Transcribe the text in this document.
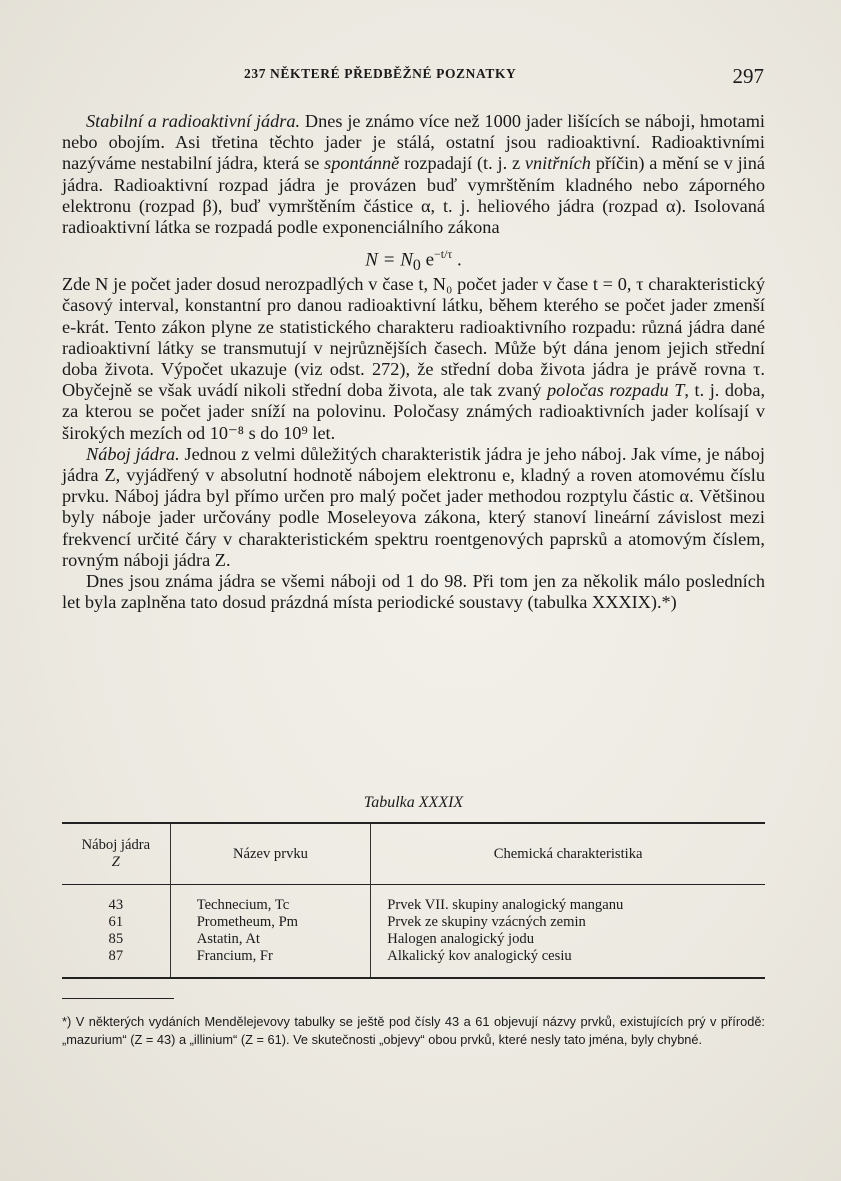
237 NĚKTERÉ PŘEDBĚŽNÉ POZNATKY	297

Stabilní a radioaktivní jádra. Dnes je známo více než 1000 jader lišících se náboji, hmotami nebo obojím. Asi třetina těchto jader je stálá, ostatní jsou radioaktivní. Radioaktivními nazýváme nestabilní jádra, která se spontánně rozpadají (t. j. z vnitřních příčin) a mění se v jiná jádra. Radioaktivní rozpad jádra je provázen buď vymrštěním kladného nebo záporného elektronu (rozpad β), buď vymrštěním částice α, t. j. heliového jádra (rozpad α). Isolovaná radioaktivní látka se rozpadá podle exponenciálního zákona

$N = N_0$ $e^{-t/\tau}$ .

Zde N je počet jader dosud nerozpadlých v čase t, N₀ počet jader v čase t = 0, τ charakteristický časový interval, konstantní pro danou radioaktivní látku, během kterého se počet jader zmenší e-krát. Tento zákon plyne ze statistického charakteru radioaktivního rozpadu: různá jádra dané radioaktivní látky se transmutují v nejrůznějších časech. Může být dána jenom jejich střední doba života. Výpočet ukazuje (viz odst. 272), že střední doba života jádra je právě rovna τ. Obyčejně se však uvádí nikoli střední doba života, ale tak zvaný poločas rozpadu T, t. j. doba, za kterou se počet jader sníží na polovinu. Poločasy známých radioaktivních jader kolísají v širokých mezích od 10⁻⁸ s do 10⁹ let.

Náboj jádra. Jednou z velmi důležitých charakteristik jádra je jeho náboj. Jak víme, je náboj jádra Z, vyjádřený v absolutní hodnotě nábojem elektronu e, kladný a roven atomovému číslu prvku. Náboj jádra byl přímo určen pro malý počet jader methodou rozptylu částic α. Většinou byly náboje jader určovány podle Moseleyova zákona, který stanoví lineární závislost mezi frekvencí určité čáry v charakteristickém spektru roentgenových paprsků a atomovým číslem, rovným náboji jádra Z.

Dnes jsou známa jádra se všemi náboji od 1 do 98. Při tom jen za několik málo posledních let byla zaplněna tato dosud prázdná místa periodické soustavy (tabulka XXXIX).*)

Tabulka XXXIX
Náboj jádra
Z	Název prvku	Chemická charakteristika
43	Technecium, Tc	Prvek VII. skupiny analogický manganu
61	Prometheum, Pm	Prvek ze skupiny vzácných zemin
85	Astatin, At	Halogen analogický jodu
87	Francium, Fr	Alkalický kov analogický cesiu

*) V některých vydáních Mendělejevovy tabulky se ještě pod čísly 43 a 61 objevují názvy prvků, existujících prý v přírodě: „mazurium“ (Z = 43) a „illinium“ (Z = 61). Ve skutečnosti „objevy“ obou prvků, které nesly tato jména, byly chybné.
